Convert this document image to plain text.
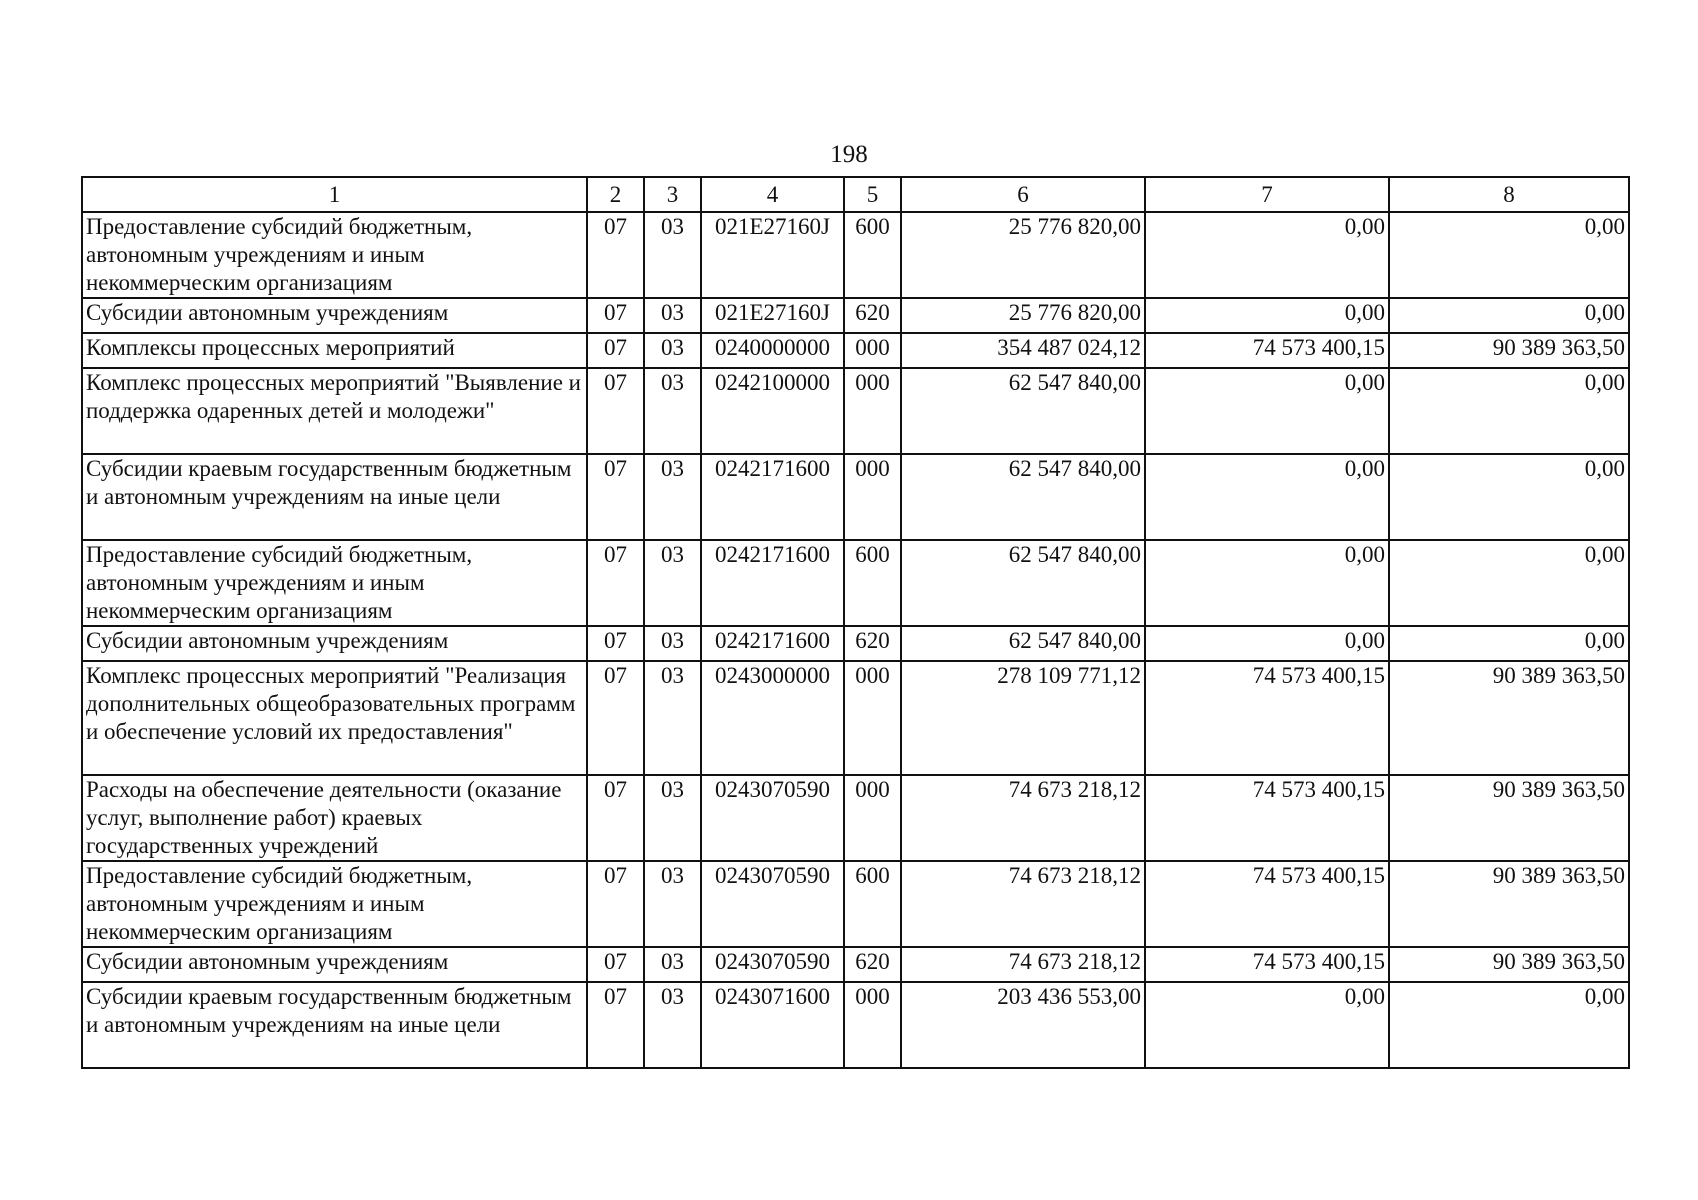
198
1	2	3	4	5	6	7	8
Предоставление субсидий бюджетным, автономным учреждениям и иным некоммерческим организациям	07	03	021E27160J	600	25 776 820,00	0,00	0,00
Субсидии автономным учреждениям	07	03	021E27160J	620	25 776 820,00	0,00	0,00
Комплексы процессных мероприятий	07	03	0240000000	000	354 487 024,12	74 573 400,15	90 389 363,50
Комплекс процессных мероприятий "Выявление и поддержка одаренных детей и молодежи"	07	03	0242100000	000	62 547 840,00	0,00	0,00
Субсидии краевым государственным бюджетным и автономным учреждениям на иные цели	07	03	0242171600	000	62 547 840,00	0,00	0,00
Предоставление субсидий бюджетным, автономным учреждениям и иным некоммерческим организациям	07	03	0242171600	600	62 547 840,00	0,00	0,00
Субсидии автономным учреждениям	07	03	0242171600	620	62 547 840,00	0,00	0,00
Комплекс процессных мероприятий "Реализация дополнительных общеобразовательных программ и обеспечение условий их предоставления"	07	03	0243000000	000	278 109 771,12	74 573 400,15	90 389 363,50
Расходы на обеспечение деятельности (оказание услуг, выполнение работ) краевых государственных учреждений	07	03	0243070590	000	74 673 218,12	74 573 400,15	90 389 363,50
Предоставление субсидий бюджетным, автономным учреждениям и иным некоммерческим организациям	07	03	0243070590	600	74 673 218,12	74 573 400,15	90 389 363,50
Субсидии автономным учреждениям	07	03	0243070590	620	74 673 218,12	74 573 400,15	90 389 363,50
Субсидии краевым государственным бюджетным и автономным учреждениям на иные цели	07	03	0243071600	000	203 436 553,00	0,00	0,00
